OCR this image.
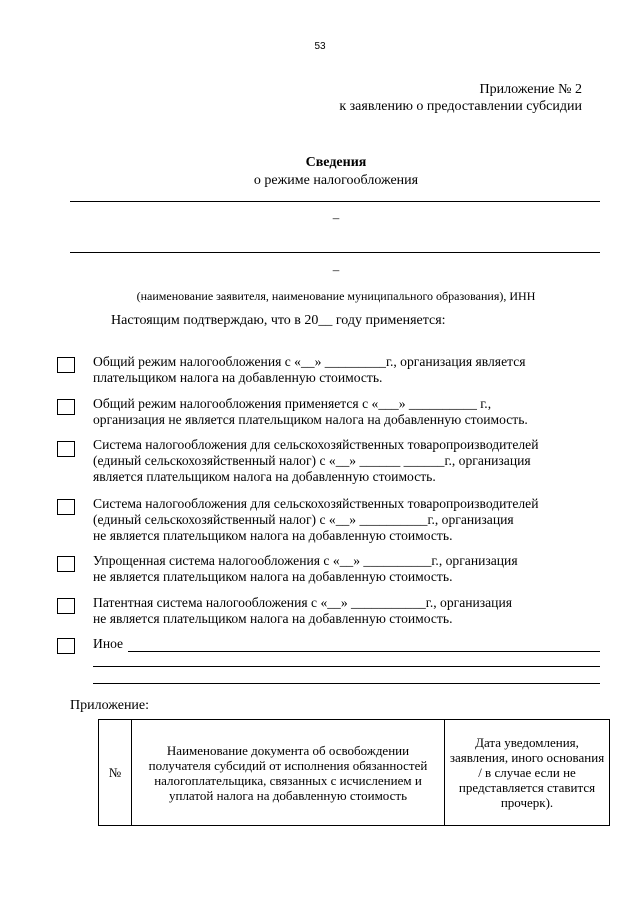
53
Приложение № 2
к заявлению о предоставлении субсидии
Сведения
о режиме налогообложения
–
–
(наименование заявителя, наименование муниципального образования), ИНН
Настоящим подтверждаю, что в 20__ году применяется:
Общий режим налогообложения с «__» _________г., организация является
плательщиком налога на добавленную стоимость.
Общий режим налогообложения применяется с «___» __________ г.,
организация не является плательщиком налога на добавленную стоимость.
Система налогообложения для сельскохозяйственных товаропроизводителей
(единый сельскохозяйственный налог) с «__» ______ ______г., организация
является плательщиком налога на добавленную стоимость.
Система налогообложения для сельскохозяйственных товаропроизводителей
(единый сельскохозяйственный налог) с «__» __________г., организация
не является плательщиком налога на добавленную стоимость.
Упрощенная система налогообложения с «__» __________г., организация
не является плательщиком налога на добавленную стоимость.
Патентная система налогообложения с «__» ___________г., организация
не является плательщиком налога на добавленную стоимость.
Иное
Приложение:
№	Наименование документа об освобождении получателя субсидий от исполнения обязанностей налогоплательщика, связанных с исчислением и уплатой налога на добавленную стоимость	Дата уведомления, заявления, иного основания / в случае если не представляется ставится прочерк).
